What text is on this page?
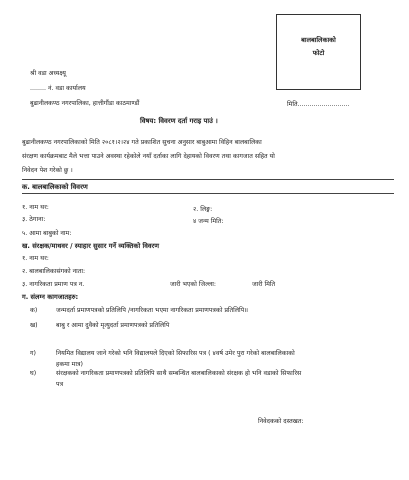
बालबालिकाको
फोटो
श्री वडा अध्यक्ष्यू
........ नं. वडा कार्यालय
बुढानीलकण्ठ नगरपालिका, हात्तीगौंडा काठमाण्डौं	मिति..........................
विषय: विवरण दर्ता गराइ पाउं ।
बुढानीलकण्ठ नगरपालिकाको मिति २०८१।२।२४ गते प्रकाशित सुचना अनुसार बाबुआमा विहिन बालबालिका
संरक्षण कार्यक्रमबाट मैले भत्ता पाउने अवस्था रहेकोले नयाँ दर्ताका लागि देहायको विवरण तथा कागजात सहित यो
निवेदन पेश गरेको छु ।
क. बालबालिकाको विवरण
१. नाम थर:	२. लिङ्ग:
३. ठेगाना:	४ जन्म मिति:
५. आमा बाबुको नाम:
ख. संरक्षक/माथवर / स्याहार सुसार गर्ने व्यक्तिको विवरण
१. नाम थर:
२. बालबालिकासंगको नाता:
३. नागरिकता प्रमाण पत्र न.	जारी भएको जिल्ला:	जारी मिति
ग. संलग्न कागजातहरु:
क)	जन्मदर्ता प्रमाणपत्रको प्रतिलिपि /नागरिकता भएमा नागरिकता प्रमाणपत्रको प्रतिलिपि॥
ख)	बाबु र आमा दुवैको मृत्युदर्ता प्रमाणपत्रको प्रतिलिपि
ग)	नियमित विद्यालय जाने गरेको भनि विद्यालयले दिएको सिफारिस पत्र ( ४वर्ष उमेर पुरा गरेको बालबालिकाको
हकमा मात्र)
घ)	संरक्षकको नागरिकता प्रमाणपत्रको प्रतिलिपि साथै सम्बन्धित बालबालिकाको संरक्षक हो भनि वडाको सिफारिस
पत्र
निवेदकको दस्तखत:
